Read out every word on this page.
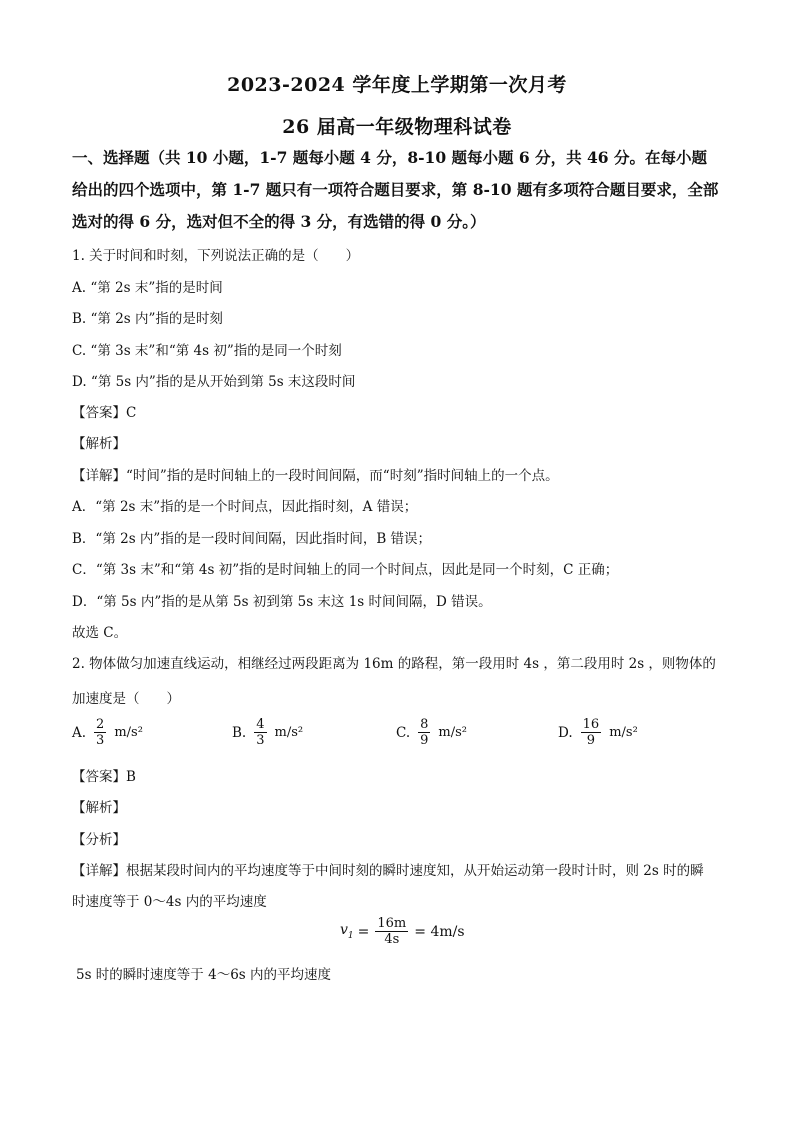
2023-2024 学年度上学期第一次月考
26 届高一年级物理科试卷
一、选择题（共 10 小题，1-7 题每小题 4 分，8-10 题每小题 6 分，共 46 分。在每小题给出的四个选项中，第 1-7 题只有一项符合题目要求，第 8-10 题有多项符合题目要求，全部选对的得 6 分，选对但不全的得 3 分，有选错的得 0 分。）
1. 关于时间和时刻，下列说法正确的是（　　）
A. “第 2s 末”指的是时间
B. “第 2s 内”指的是时刻
C. “第 3s 末”和“第 4s 初”指的是同一个时刻
D. “第 5s 内”指的是从开始到第 5s 末这段时间
【答案】C
【解析】
【详解】“时间”指的是时间轴上的一段时间间隔，而“时刻”指时间轴上的一个点。
A．“第 2s 末”指的是一个时间点，因此指时刻，A 错误；
B．“第 2s 内”指的是一段时间间隔，因此指时间，B 错误；
C．“第 3s 末”和“第 4s 初”指的是时间轴上的同一个时间点，因此是同一个时刻，C 正确；
D．“第 5s 内”指的是从第 5s 初到第 5s 末这 1s 时间间隔，D 错误。
故选 C。
2. 物体做匀加速直线运动，相继经过两段距离为 16m 的路程，第一段用时 4s ，第二段用时 2s ，则物体的
加速度是（　　）
A. $\frac{2}{3} m/s^2$	B. $\frac{4}{3} m/s^2$	C. $\frac{8}{9} m/s^2$	D. $\frac{16}{9} m/s^2$
【答案】B
【解析】
【分析】
【详解】根据某段时间内的平均速度等于中间时刻的瞬时速度知，从开始运动第一段时计时，则 2s 时的瞬
时速度等于 0～4s 内的平均速度
$v_1 = \frac{16m}{4s} = 4m/s$
5s 时的瞬时速度等于 4～6s 内的平均速度
